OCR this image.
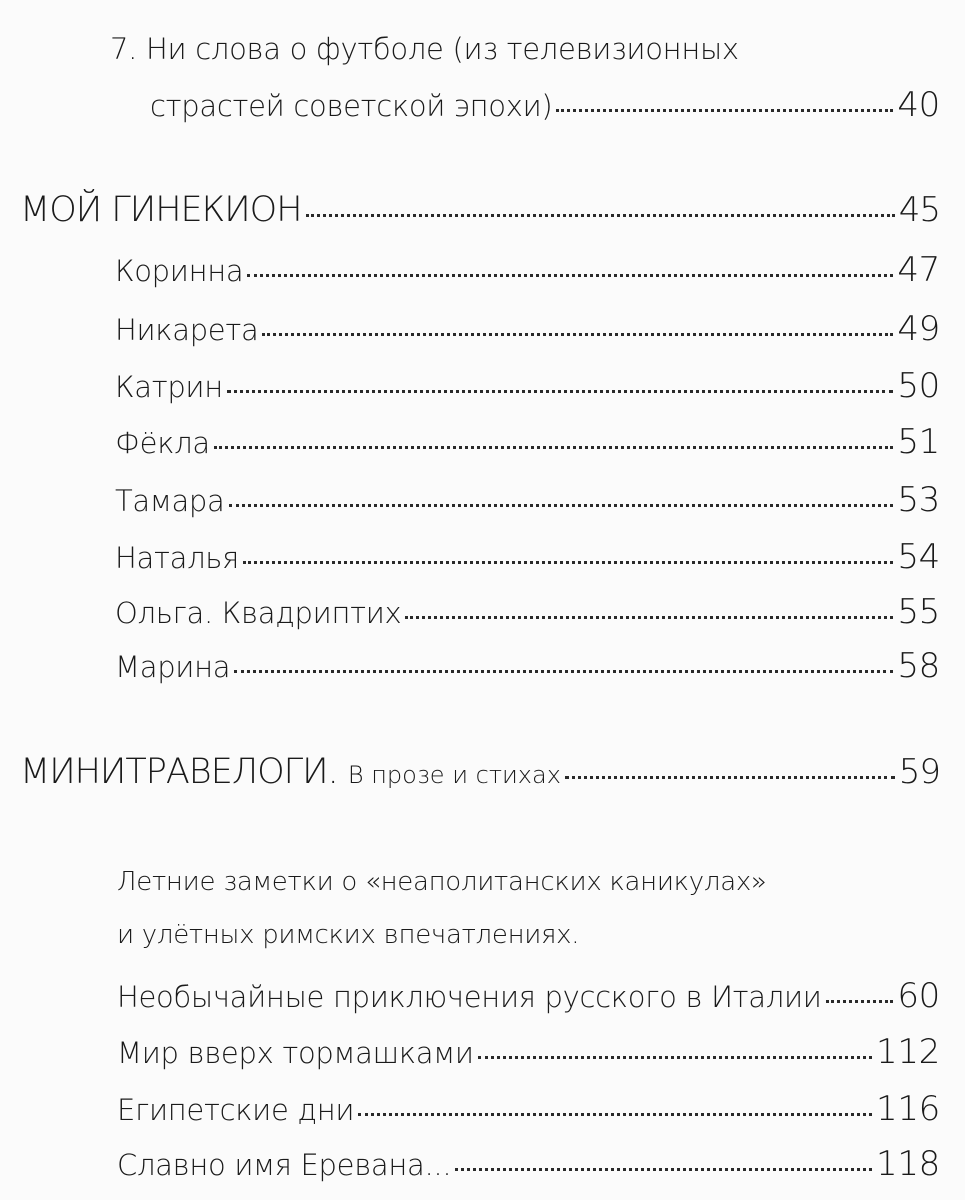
7. Ни слова о футболе (из телевизионных
страстей советской эпохи)	40
МОЙ ГИНЕКИОН	45
Коринна	47
Никарета	49
Катрин	50
Фёкла	51
Тамара	53
Наталья	54
Ольга. Квадриптих	55
Марина	58
МИНИТРАВЕЛОГИ. В прозе и стихах	59
Летние заметки о «неаполитанских каникулах»
и улётных римских впечатлениях.
Необычайные приключения русского в Италии 60
Мир вверх тормашками	112
Египетские дни	116
Славно имя Еревана...	118
